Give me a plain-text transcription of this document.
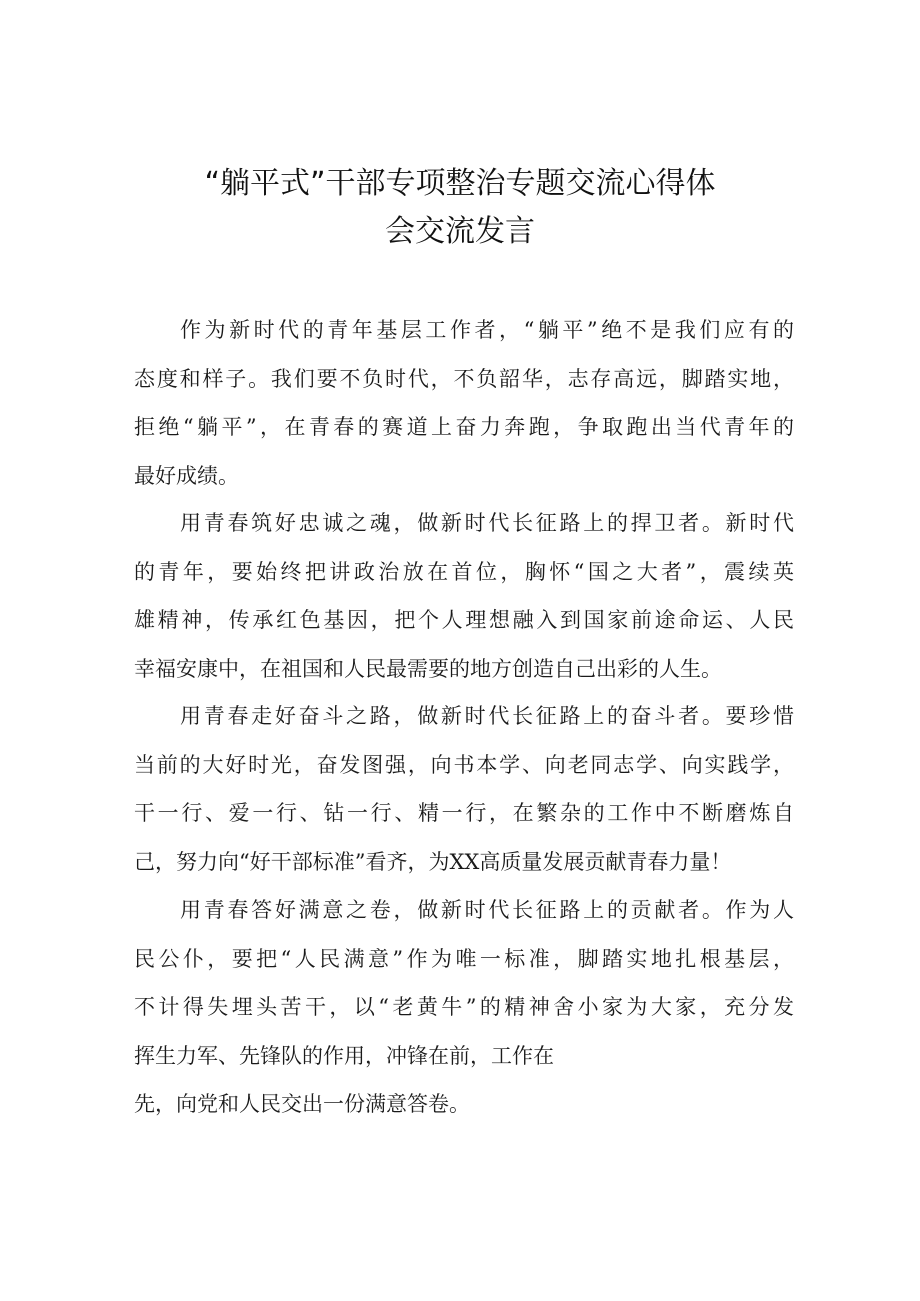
“躺平式”干部专项整治专题交流心得体
会交流发言
作为新时代的青年基层工作者，“躺平”绝不是我们应有的
态度和样子。我们要不负时代，不负韶华，志存高远，脚踏实地，
拒绝“躺平”，在青春的赛道上奋力奔跑，争取跑出当代青年的
最好成绩。
用青春筑好忠诚之魂，做新时代长征路上的捍卫者。新时代
的青年，要始终把讲政治放在首位，胸怀“国之大者”，震续英
雄精神，传承红色基因，把个人理想融入到国家前途命运、人民
幸福安康中，在祖国和人民最需要的地方创造自己出彩的人生。
用青春走好奋斗之路，做新时代长征路上的奋斗者。要珍惜
当前的大好时光，奋发图强，向书本学、向老同志学、向实践学，
干一行、爱一行、钻一行、精一行，在繁杂的工作中不断磨炼自
己，努力向“好干部标准”看齐，为XX高质量发展贡献青春力量！
用青春答好满意之卷，做新时代长征路上的贡献者。作为人
民公仆，要把“人民满意”作为唯一标准，脚踏实地扎根基层，
不计得失埋头苦干，以“老黄牛”的精神舍小家为大家，充分发
挥生力军、先锋队的作用，冲锋在前，工作在
先，向党和人民交出一份满意答卷。
